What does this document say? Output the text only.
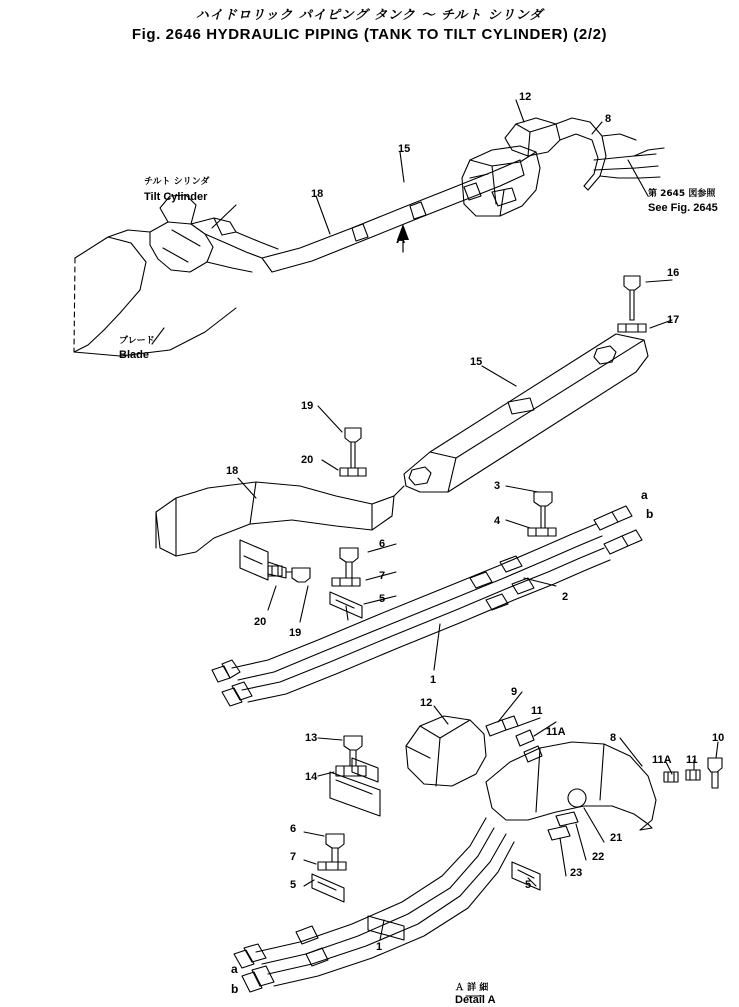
ハイドロリック パイピング タンク ～ チルト シリンダ
Fig. 2646 HYDRAULIC PIPING (TANK TO TILT CYLINDER) (2/2)
チルト シリンダ
Tilt Cylinder
ブレード
Blade
第 2645 図参照
See Fig. 2645
A
Ａ 詳 細
Detail A
12
8
15
18
16
17
15
19
20
18
3
a
4	b
2
6
7
5
20
19
1
9
11
12
11A	8
13
11A 11
10
14
21
22
23
6
7
5	5
1
a
b
